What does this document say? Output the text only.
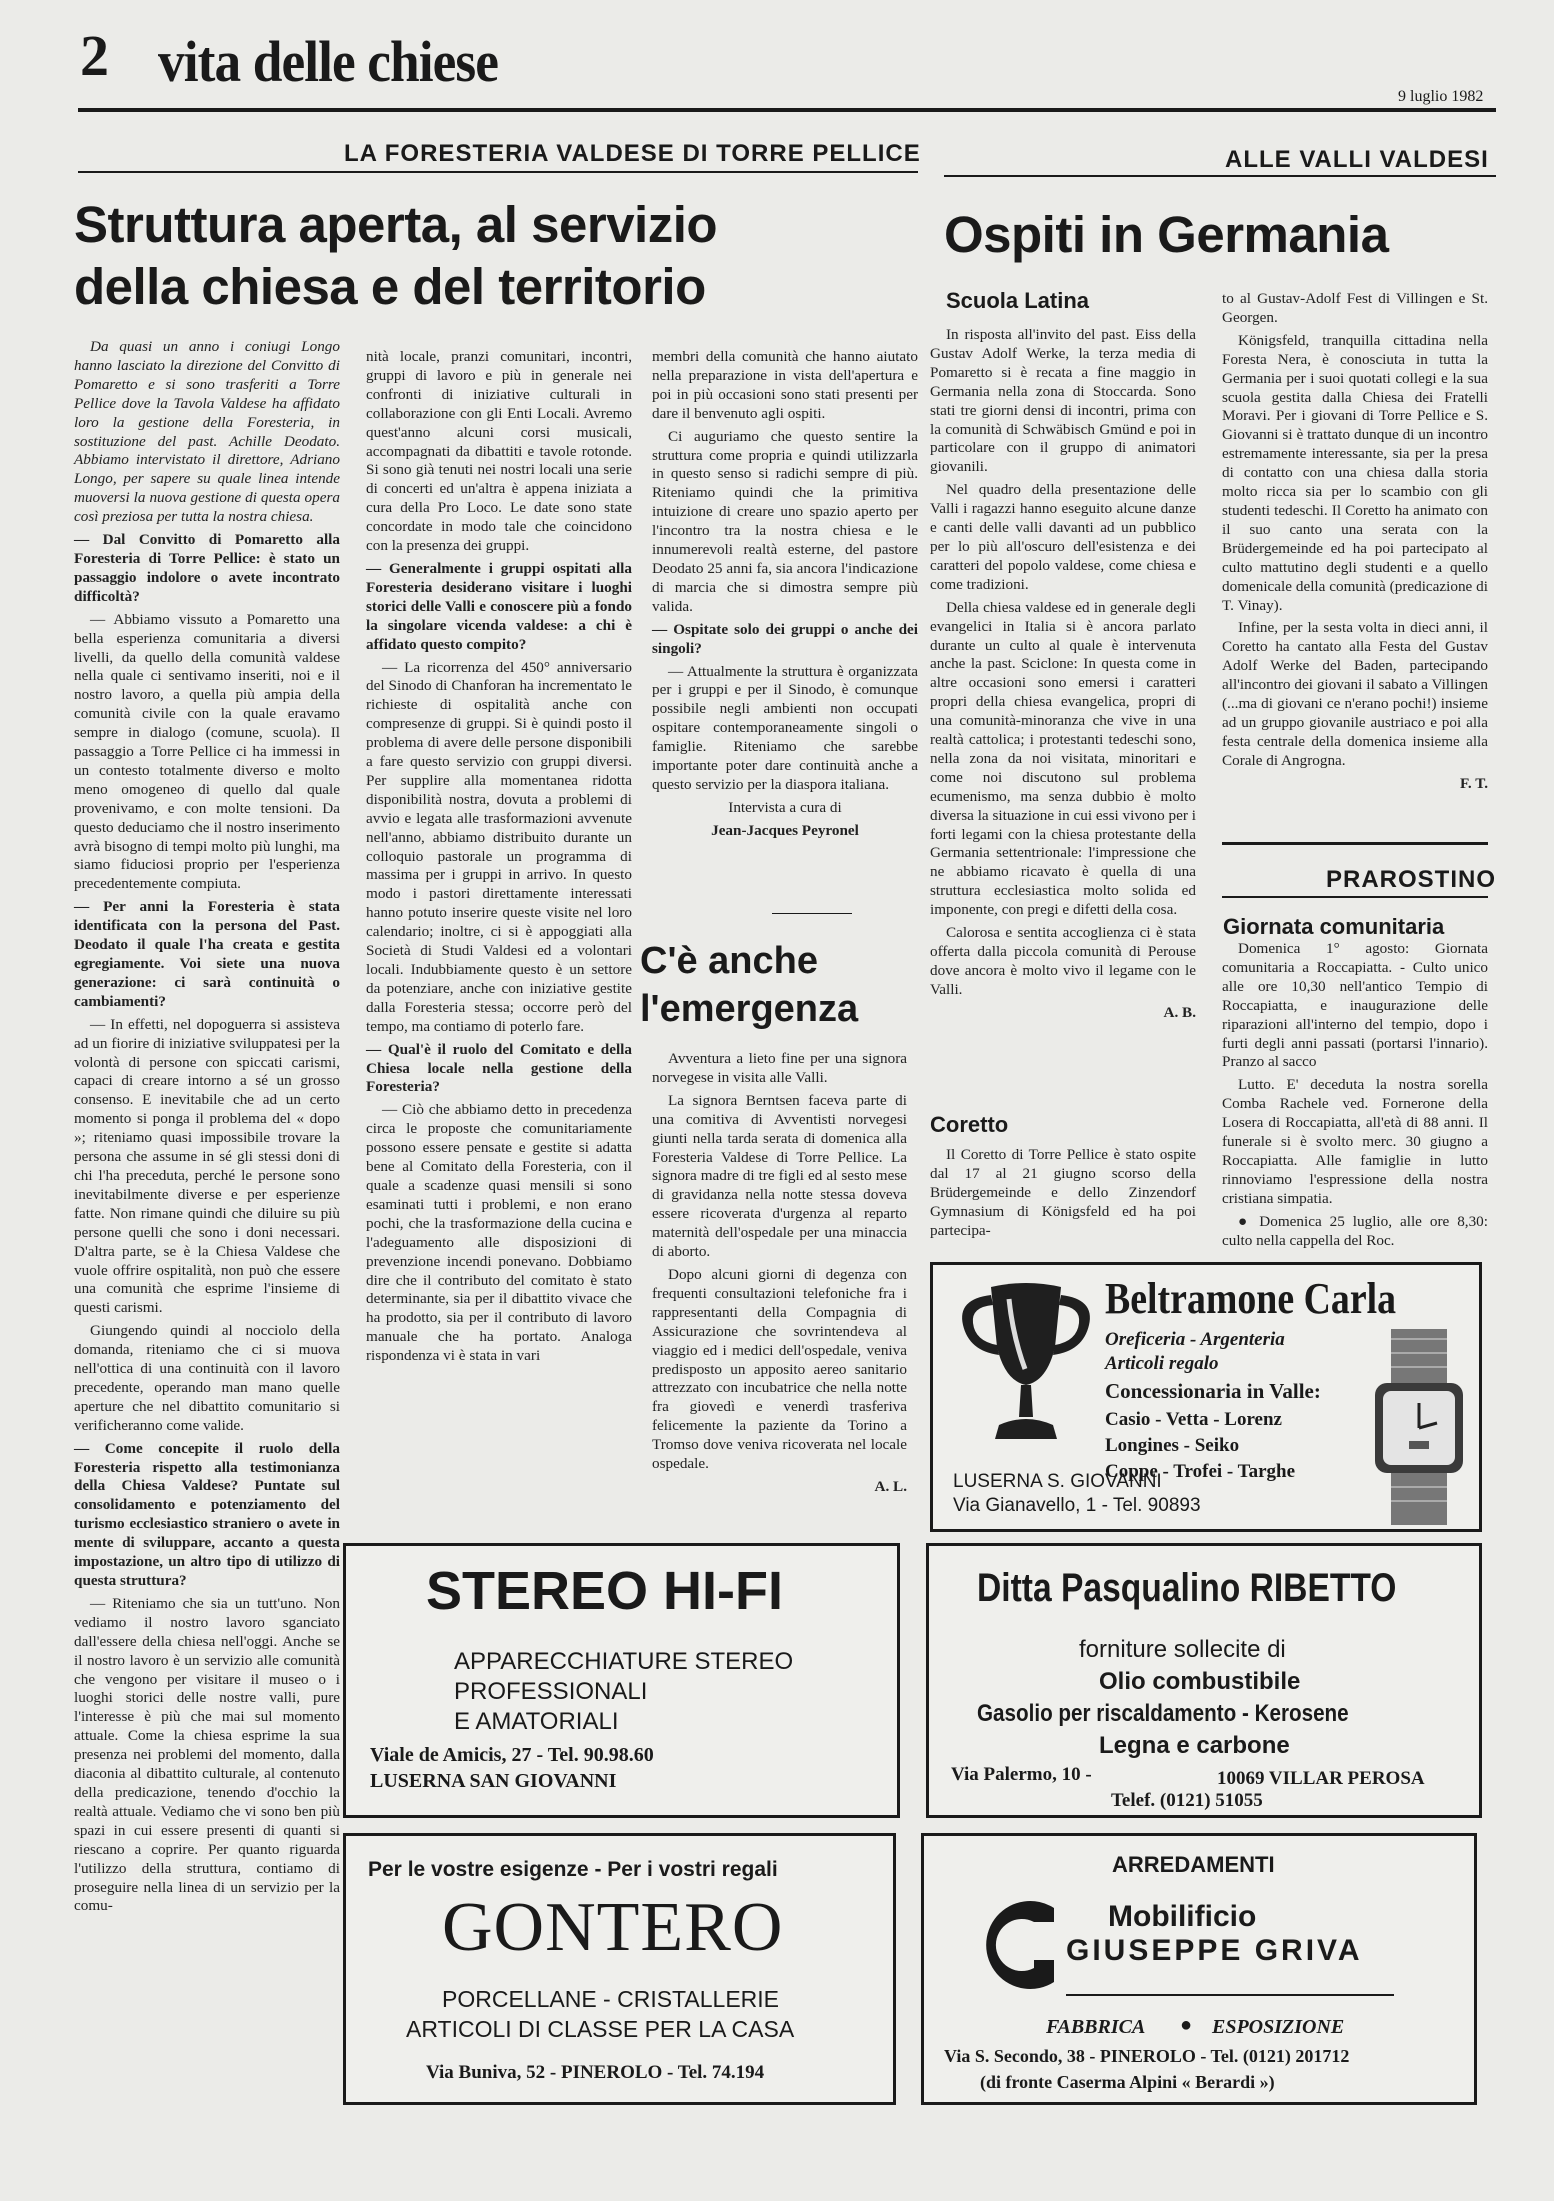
2 vita delle chiese
9 luglio 1982
LA FORESTERIA VALDESE DI TORRE PELLICE
Struttura aperta, al servizio
della chiesa e del territorio

Da quasi un anno i coniugi Longo hanno lasciato la direzione del Convitto di Pomaretto e si sono trasferiti a Torre Pellice dove la Tavola Valdese ha affidato loro la gestione della Foresteria, in sostituzione del past. Achille Deodato. Abbiamo intervistato il direttore, Adriano Longo, per sapere su quale linea intende muoversi la nuova gestione di questa opera così preziosa per tutta la nostra chiesa.

— Dal Convitto di Pomaretto alla Foresteria di Torre Pellice: è stato un passaggio indolore o avete incontrato difficoltà?

— Abbiamo vissuto a Pomaretto una bella esperienza comunitaria a diversi livelli, da quello della comunità valdese nella quale ci sentivamo inseriti, noi e il nostro lavoro, a quella più ampia della comunità civile con la quale eravamo sempre in dialogo (comune, scuola). Il passaggio a Torre Pellice ci ha immessi in un contesto totalmente diverso e molto meno omogeneo di quello dal quale provenivamo, e con molte tensioni. Da questo deduciamo che il nostro inserimento avrà bisogno di tempi molto più lunghi, ma siamo fiduciosi proprio per l'esperienza precedentemente compiuta.

— Per anni la Foresteria è stata identificata con la persona del Past. Deodato il quale l'ha creata e gestita egregiamente. Voi siete una nuova generazione: ci sarà continuità o cambiamenti?

— In effetti, nel dopoguerra si assisteva ad un fiorire di iniziative sviluppatesi per la volontà di persone con spiccati carismi, capaci di creare intorno a sé un grosso consenso. E inevitabile che ad un certo momento si ponga il problema del « dopo »; riteniamo quasi impossibile trovare la persona che assume in sé gli stessi doni di chi l'ha preceduta, perché le persone sono inevitabilmente diverse e per esperienze fatte. Non rimane quindi che diluire su più persone quelli che sono i doni necessari. D'altra parte, se è la Chiesa Valdese che vuole offrire ospitalità, non può che essere una comunità che esprime l'insieme di questi carismi.

Giungendo quindi al nocciolo della domanda, riteniamo che ci si muova nell'ottica di una continuità con il lavoro precedente, operando man mano quelle aperture che nel dibattito comunitario si verificheranno come valide.

— Come concepite il ruolo della Foresteria rispetto alla testimonianza della Chiesa Valdese? Puntate sul consolidamento e potenziamento del turismo ecclesiastico straniero o avete in mente di sviluppare, accanto a questa impostazione, un altro tipo di utilizzo di questa struttura?

— Riteniamo che sia un tutt'uno. Non vediamo il nostro lavoro sganciato dall'essere della chiesa nell'oggi. Anche se il nostro lavoro è un servizio alle comunità che vengono per visitare il museo o i luoghi storici delle nostre valli, pure l'interesse è più che mai sul momento attuale. Come la chiesa esprime la sua presenza nei problemi del momento, dalla diaconia al dibattito culturale, al contenuto della predicazione, tenendo d'occhio la realtà attuale. Vediamo che vi sono ben più spazi in cui essere presenti di quanti si riescano a coprire. Per quanto riguarda l'utilizzo della struttura, contiamo di proseguire nella linea di un servizio per la comu-

nità locale, pranzi comunitari, incontri, gruppi di lavoro e più in generale nei confronti di iniziative culturali in collaborazione con gli Enti Locali. Avremo quest'anno alcuni corsi musicali, accompagnati da dibattiti e tavole rotonde. Si sono già tenuti nei nostri locali una serie di concerti ed un'altra è appena iniziata a cura della Pro Loco. Le date sono state concordate in modo tale che coincidono con la presenza dei gruppi.

— Generalmente i gruppi ospitati alla Foresteria desiderano visitare i luoghi storici delle Valli e conoscere più a fondo la singolare vicenda valdese: a chi è affidato questo compito?

— La ricorrenza del 450° anniversario del Sinodo di Chanforan ha incrementato le richieste di ospitalità anche con compresenze di gruppi. Si è quindi posto il problema di avere delle persone disponibili a fare questo servizio con gruppi diversi. Per supplire alla momentanea ridotta disponibilità nostra, dovuta a problemi di avvio e legata alle trasformazioni avvenute nell'anno, abbiamo distribuito durante un colloquio pastorale un programma di massima per i gruppi in arrivo. In questo modo i pastori direttamente interessati hanno potuto inserire queste visite nel loro calendario; inoltre, ci si è appoggiati alla Società di Studi Valdesi ed a volontari locali. Indubbiamente questo è un settore da potenziare, anche con iniziative gestite dalla Foresteria stessa; occorre però del tempo, ma contiamo di poterlo fare.

— Qual'è il ruolo del Comitato e della Chiesa locale nella gestione della Foresteria?

— Ciò che abbiamo detto in precedenza circa le proposte che comunitariamente possono essere pensate e gestite si adatta bene al Comitato della Foresteria, con il quale a scadenze quasi mensili si sono esaminati tutti i problemi, e non erano pochi, che la trasformazione della cucina e l'adeguamento alle disposizioni di prevenzione incendi ponevano. Dobbiamo dire che il contributo del comitato è stato determinante, sia per il dibattito vivace che ha prodotto, sia per il contributo di lavoro manuale che ha portato. Analoga rispondenza vi è stata in vari

membri della comunità che hanno aiutato nella preparazione in vista dell'apertura e poi in più occasioni sono stati presenti per dare il benvenuto agli ospiti.

Ci auguriamo che questo sentire la struttura come propria e quindi utilizzarla in questo senso si radichi sempre di più. Riteniamo quindi che la primitiva intuizione di creare uno spazio aperto per l'incontro tra la nostra chiesa e le innumerevoli realtà esterne, del pastore Deodato 25 anni fa, sia ancora l'indicazione di marcia che si dimostra sempre più valida.

— Ospitate solo dei gruppi o anche dei singoli?

— Attualmente la struttura è organizzata per i gruppi e per il Sinodo, è comunque possibile negli ambienti non occupati ospitare contemporaneamente singoli o famiglie. Riteniamo che sarebbe importante poter dare continuità anche a questo servizio per la diaspora italiana.

Intervista a cura di

Jean-Jacques Peyronel

C'è anche
l'emergenza

Avventura a lieto fine per una signora norvegese in visita alle Valli.

La signora Berntsen faceva parte di una comitiva di Avventisti norvegesi giunti nella tarda serata di domenica alla Foresteria Valdese di Torre Pellice. La signora madre di tre figli ed al sesto mese di gravidanza nella notte stessa doveva essere ricoverata d'urgenza al reparto maternità dell'ospedale per una minaccia di aborto.

Dopo alcuni giorni di degenza con frequenti consultazioni telefoniche fra i rappresentanti della Compagnia di Assicurazione che sovrintendeva al viaggio ed i medici dell'ospedale, veniva predisposto un apposito aereo sanitario attrezzato con incubatrice che nella notte fra giovedì e venerdì trasferiva felicemente la paziente da Torino a Tromso dove veniva ricoverata nel locale ospedale.

A. L.

ALLE VALLI VALDESI
Ospiti in Germania
Scuola Latina

In risposta all'invito del past. Eiss della Gustav Adolf Werke, la terza media di Pomaretto si è recata a fine maggio in Germania nella zona di Stoccarda. Sono stati tre giorni densi di incontri, prima con la comunità di Schwäbisch Gmünd e poi in particolare con il gruppo di animatori giovanili.

Nel quadro della presentazione delle Valli i ragazzi hanno eseguito alcune danze e canti delle valli davanti ad un pubblico per lo più all'oscuro dell'esistenza e dei caratteri del popolo valdese, come chiesa e come tradizioni.

Della chiesa valdese ed in generale degli evangelici in Italia si è ancora parlato durante un culto al quale è intervenuta anche la past. Sciclone: In questa come in altre occasioni sono emersi i caratteri propri della chiesa evangelica, propri di una comunità-minoranza che vive in una realtà cattolica; i protestanti tedeschi sono, nella zona da noi visitata, minoritari e come noi discutono sul problema ecumenismo, ma senza dubbio è molto diversa la situazione in cui essi vivono per i forti legami con la chiesa protestante della Germania settentrionale: l'impressione che ne abbiamo ricavato è quella di una struttura ecclesiastica molto solida ed imponente, con pregi e difetti della cosa.

Calorosa e sentita accoglienza ci è stata offerta dalla piccola comunità di Perouse dove ancora è molto vivo il legame con le Valli.

A. B.

Coretto

Il Coretto di Torre Pellice è stato ospite dal 17 al 21 giugno scorso della Brüdergemeinde e dello Zinzendorf Gymnasium di Königsfeld ed ha poi partecipa-

to al Gustav-Adolf Fest di Villingen e St. Georgen.

Königsfeld, tranquilla cittadina nella Foresta Nera, è conosciuta in tutta la Germania per i suoi quotati collegi e la sua scuola gestita dalla Chiesa dei Fratelli Moravi. Per i giovani di Torre Pellice e S. Giovanni si è trattato dunque di un incontro estremamente interessante, sia per la presa di contatto con una chiesa dalla storia molto ricca sia per lo scambio con gli studenti tedeschi. Il Coretto ha animato con il suo canto una serata con la Brüdergemeinde ed ha poi partecipato al culto mattutino degli studenti e a quello domenicale della comunità (predicazione di T. Vinay).

Infine, per la sesta volta in dieci anni, il Coretto ha cantato alla Festa del Gustav Adolf Werke del Baden, partecipando all'incontro dei giovani il sabato a Villingen (...ma di giovani ce n'erano pochi!) insieme ad un gruppo giovanile austriaco e poi alla festa centrale della domenica insieme alla Corale di Angrogna.

F. T.

PRAROSTINO
Giornata comunitaria

Domenica 1° agosto: Giornata comunitaria a Roccapiatta. - Culto unico alle ore 10,30 nell'antico Tempio di Roccapiatta, e inaugurazione delle riparazioni all'interno del tempio, dopo i furti degli anni passati (portarsi l'innario). Pranzo al sacco

Lutto. E' deceduta la nostra sorella Comba Rachele ved. Fornerone della Losera di Roccapiatta, all'età di 88 anni. Il funerale si è svolto merc. 30 giugno a Roccapiatta. Alle famiglie in lutto rinnoviamo l'espressione della nostra cristiana simpatia.

● Domenica 25 luglio, alle ore 8,30: culto nella cappella del Roc.

Beltramone Carla
Oreficeria - Argenteria
Articoli regalo
Concessionaria in Valle:
Casio - Vetta - Lorenz
Longines - Seiko
Coppe - Trofei - Targhe
LUSERNA S. GIOVANNI
Via Gianavello, 1 - Tel. 90893
STEREO HI-FI
APPARECCHIATURE STEREO
PROFESSIONALI
E AMATORIALI
Viale de Amicis, 27 - Tel. 90.98.60
LUSERNA SAN GIOVANNI
Ditta Pasqualino RIBETTO
forniture sollecite di
Olio combustibile
Gasolio per riscaldamento - Kerosene
Legna e carbone
Via Palermo, 10 -	10069 VILLAR PEROSA
Telef. (0121) 51055
Per le vostre esigenze - Per i vostri regali
GONTERO
PORCELLANE - CRISTALLERIE
ARTICOLI DI CLASSE PER LA CASA
Via Buniva, 52 - PINEROLO - Tel. 74.194
ARREDAMENTI
Mobilificio
GIUSEPPE GRIVA
FABBRICA ● ESPOSIZIONE
Via S. Secondo, 38 - PINEROLO - Tel. (0121) 201712
(di fronte Caserma Alpini « Berardi »)
